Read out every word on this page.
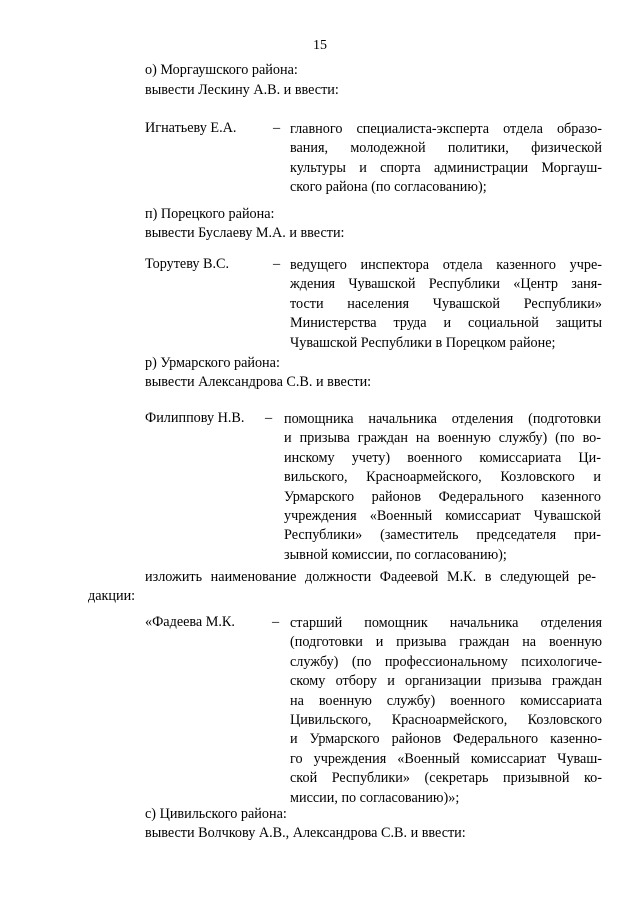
15
о) Моргаушского района:
вывести Лескину А.В. и ввести:
Игнатьеву Е.А.	– главного специалиста-эксперта отдела образо-
вания, молодежной политики, физической
культуры и спорта администрации Моргауш-
ского района (по согласованию);
п) Порецкого района:
вывести Буслаеву М.А. и ввести:
Торутеву В.С.	– ведущего инспектора отдела казенного учре-
ждения Чувашской Республики «Центр заня-
тости населения Чувашской Республики»
Министерства труда и социальной защиты
Чувашской Республики в Порецком районе;
р) Урмарского района:
вывести Александрова С.В. и ввести:
Филиппову Н.В. – помощника начальника отделения (подготовки
и призыва граждан на военную службу) (по во-
инскому учету) военного комиссариата Ци-
вильского, Красноармейского, Козловского и
Урмарского районов Федерального казенного
учреждения «Военный комиссариат Чувашской
Республики» (заместитель председателя при-
зывной комиссии, по согласованию);
изложить наименование должности Фадеевой М.К. в следующей ре-
дакции:
«Фадеева М.К.	– старший помощник начальника отделения
(подготовки и призыва граждан на военную
службу) (по профессиональному психологиче-
скому отбору и организации призыва граждан
на военную службу) военного комиссариата
Цивильского, Красноармейского, Козловского
и Урмарского районов Федерального казенно-
го учреждения «Военный комиссариат Чуваш-
ской Республики» (секретарь призывной ко-
миссии, по согласованию)»;
с) Цивильского района:
вывести Волчкову А.В., Александрова С.В. и ввести:
